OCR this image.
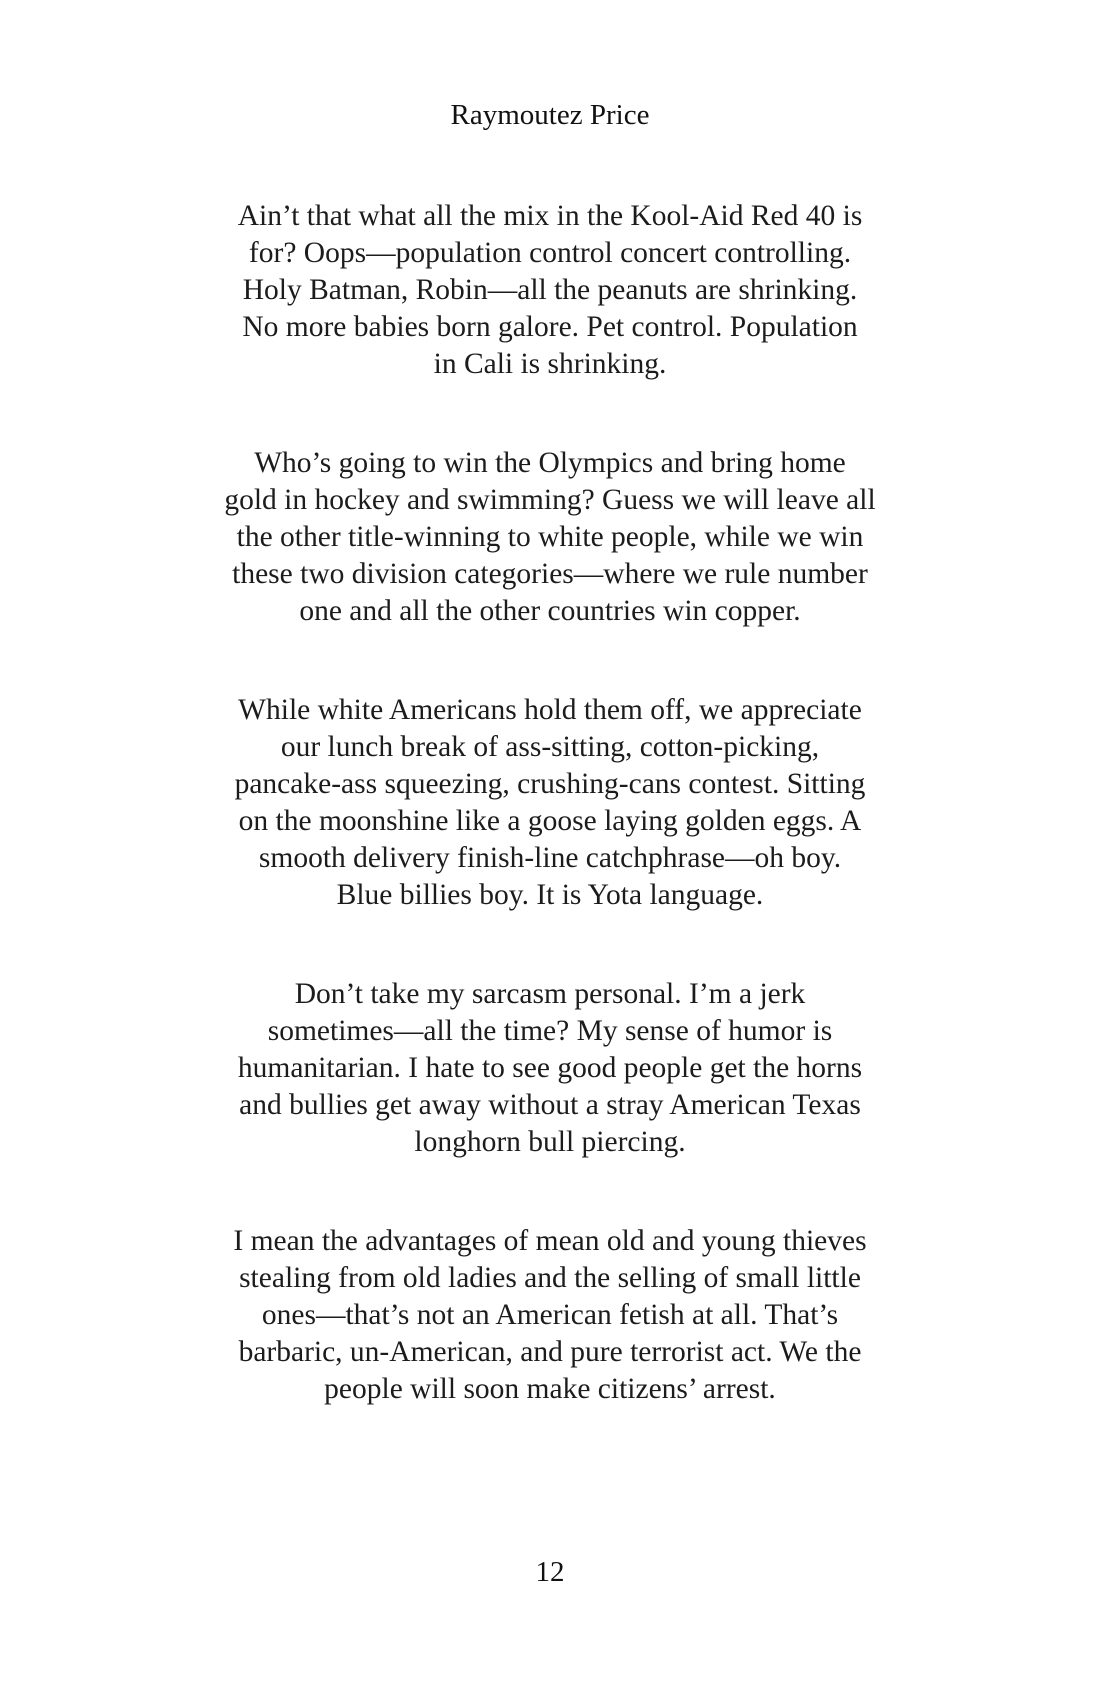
Raymoutez Price
Ain’t that what all the mix in the Kool-Aid Red 40 is
for? Oops—population control concert controlling.
Holy Batman, Robin—all the peanuts are shrinking.
No more babies born galore. Pet control. Population
in Cali is shrinking.
Who’s going to win the Olympics and bring home
gold in hockey and swimming? Guess we will leave all
the other title-winning to white people, while we win
these two division categories—where we rule number
one and all the other countries win copper.
While white Americans hold them off, we appreciate
our lunch break of ass-sitting, cotton-picking,
pancake-ass squeezing, crushing-cans contest. Sitting
on the moonshine like a goose laying golden eggs. A
smooth delivery finish-line catchphrase—oh boy.
Blue billies boy. It is Yota language.
Don’t take my sarcasm personal. I’m a jerk
sometimes—all the time? My sense of humor is
humanitarian. I hate to see good people get the horns
and bullies get away without a stray American Texas
longhorn bull piercing.
I mean the advantages of mean old and young thieves
stealing from old ladies and the selling of small little
ones—that’s not an American fetish at all. That’s
barbaric, un-American, and pure terrorist act. We the
people will soon make citizens’ arrest.
12
